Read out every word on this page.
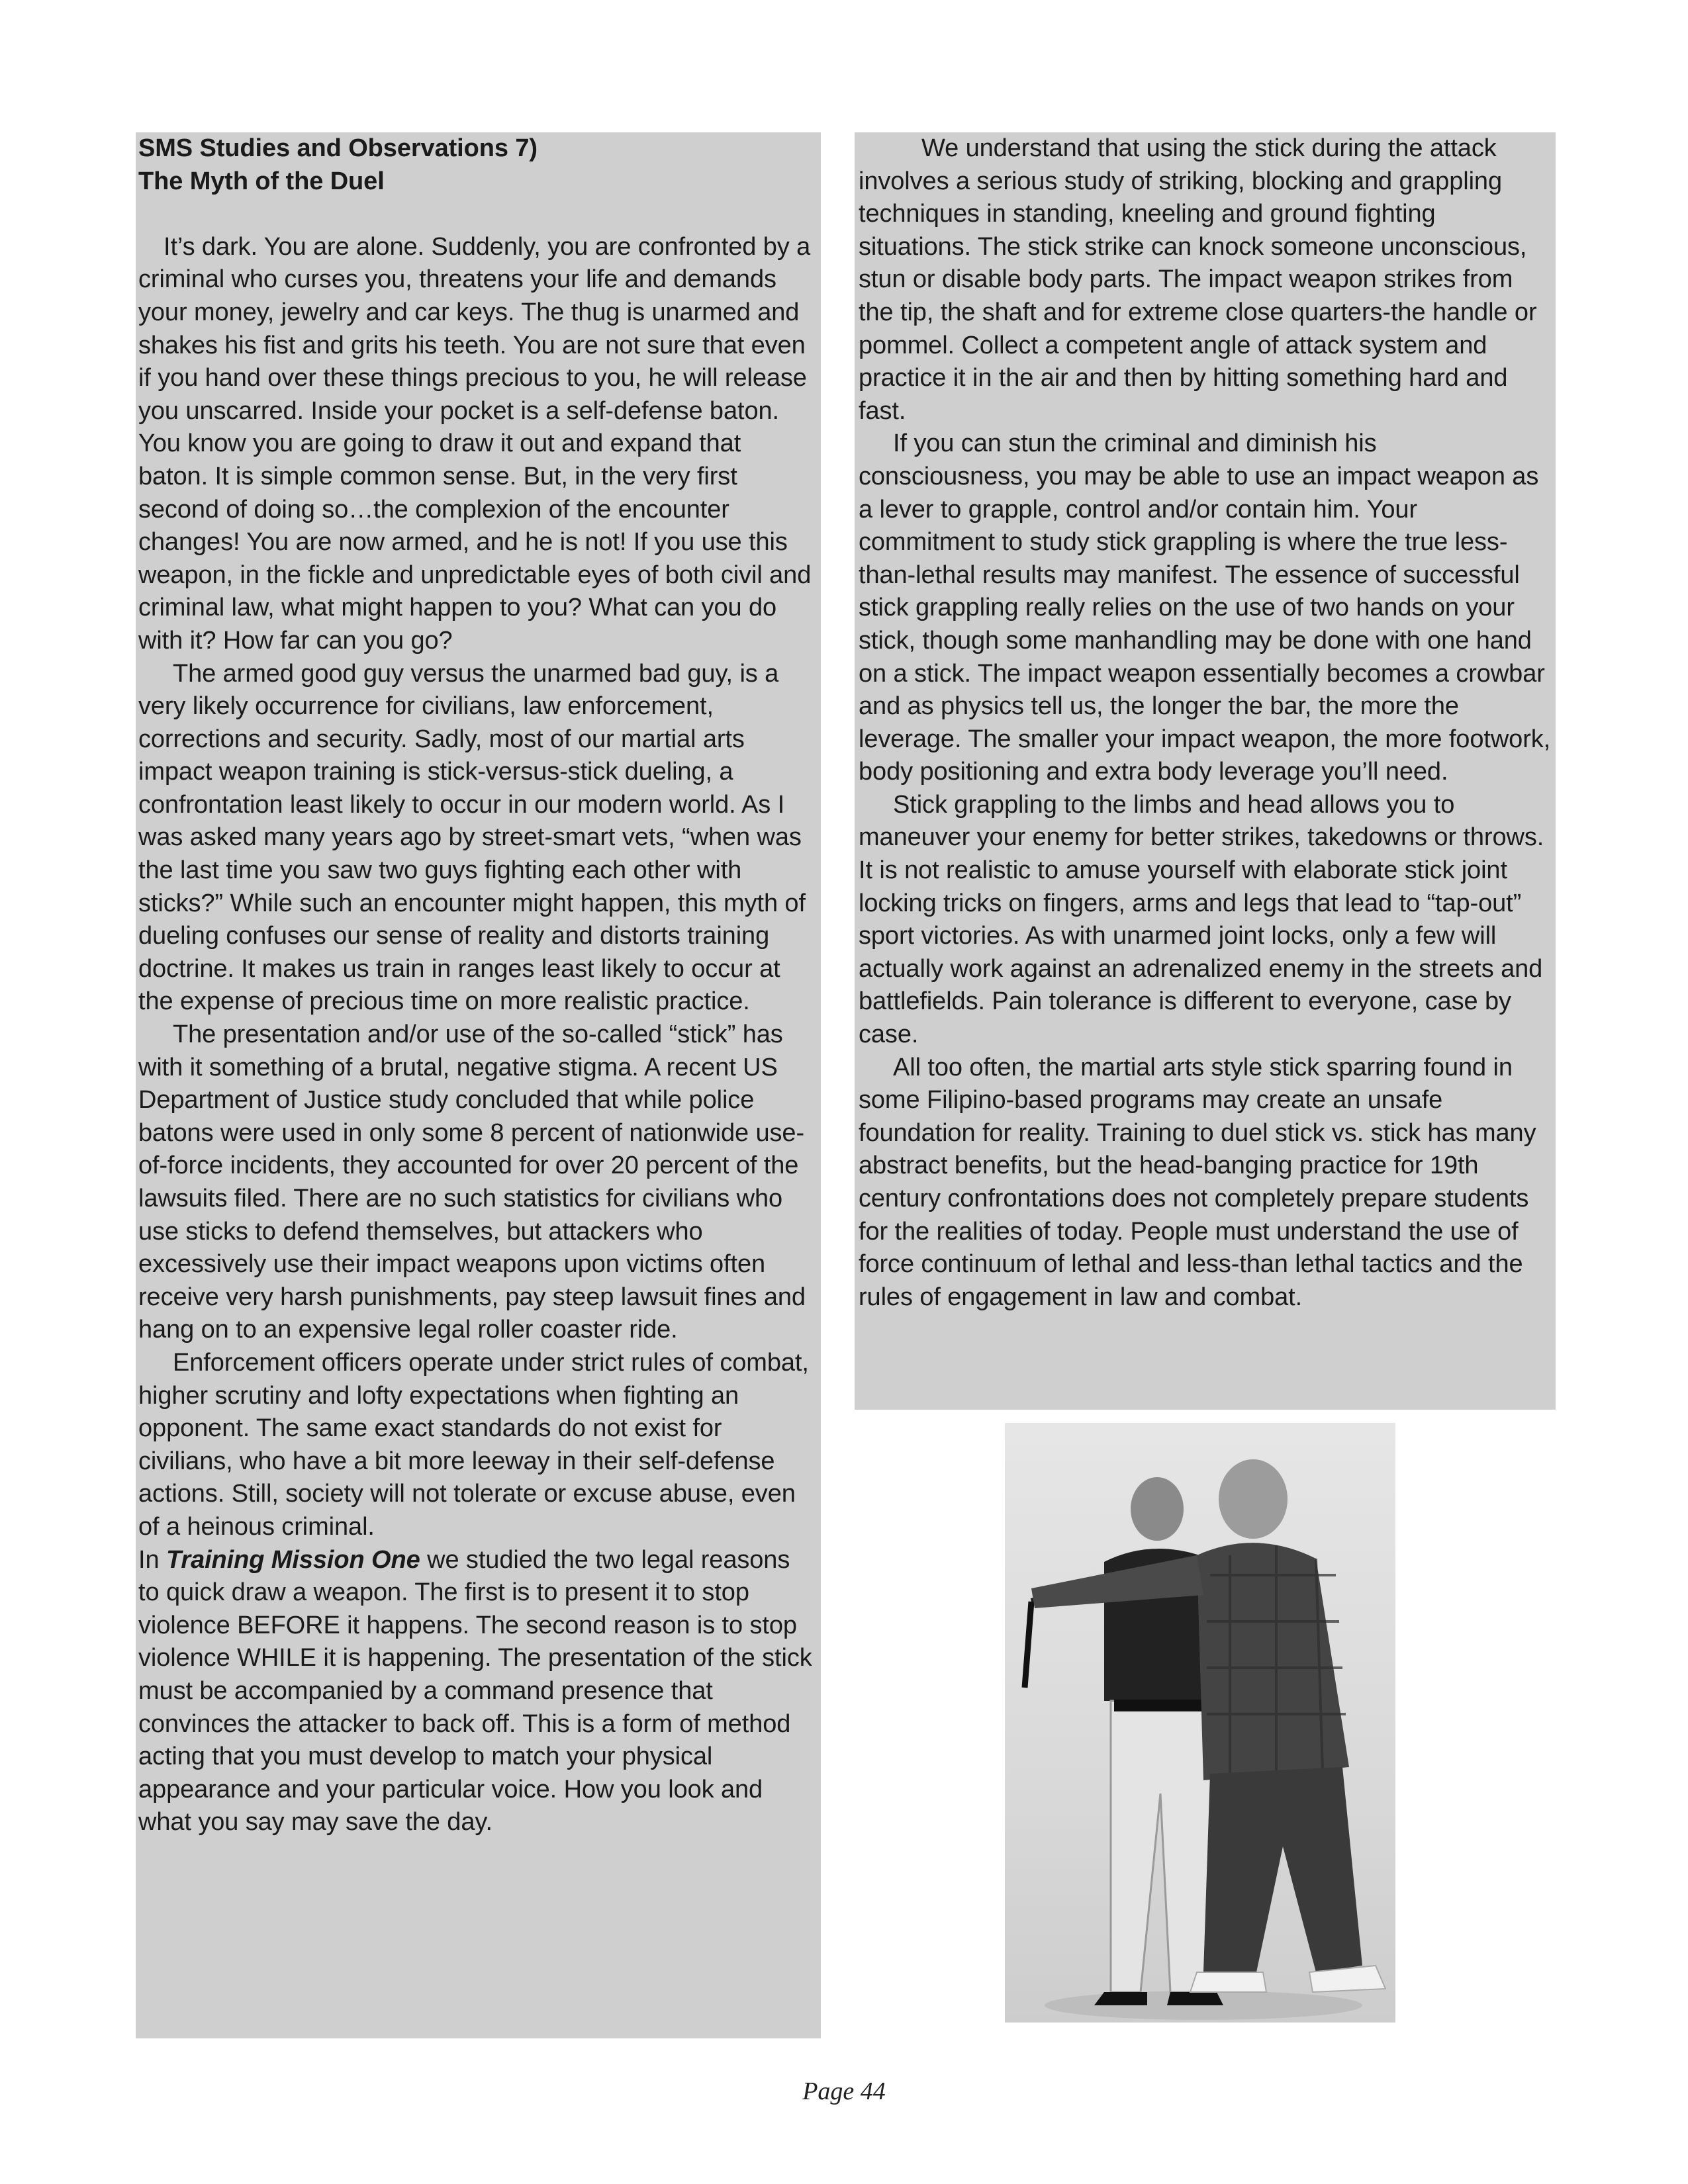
SMS Studies and Observations 7)

The Myth of the Duel

It’s dark. You are alone. Suddenly, you are confronted by a criminal who curses you, threatens your life and demands your money, jewelry and car keys. The thug is unarmed and shakes his fist and grits his teeth. You are not sure that even if you hand over these things precious to you, he will release you unscarred. Inside your pocket is a self-defense baton. You know you are going to draw it out and expand that baton. It is simple common sense. But, in the very first second of doing so…the complexion of the encounter changes! You are now armed, and he is not! If you use this weapon, in the fickle and unpredictable eyes of both civil and criminal law, what might happen to you? What can you do with it? How far can you go?

The armed good guy versus the unarmed bad guy, is a very likely occurrence for civilians, law enforcement, corrections and security. Sadly, most of our martial arts impact weapon training is stick-versus-stick dueling, a confrontation least likely to occur in our modern world. As I was asked many years ago by street-smart vets, “when was the last time you saw two guys fighting each other with sticks?” While such an encounter might happen, this myth of dueling confuses our sense of reality and distorts training doctrine. It makes us train in ranges least likely to occur at the expense of precious time on more realistic practice.

The presentation and/or use of the so-called “stick” has with it something of a brutal, negative stigma. A recent US Department of Justice study concluded that while police batons were used in only some 8 percent of nationwide use-of-force incidents, they accounted for over 20 percent of the lawsuits filed. There are no such statistics for civilians who use sticks to defend themselves, but attackers who excessively use their impact weapons upon victims often receive very harsh punishments, pay steep lawsuit fines and hang on to an expensive legal roller coaster ride.

Enforcement officers operate under strict rules of combat, higher scrutiny and lofty expectations when fighting an opponent. The same exact standards do not exist for civilians, who have a bit more leeway in their self-defense actions. Still, society will not tolerate or excuse abuse, even of a heinous criminal.

In Training Mission One we studied the two legal reasons to quick draw a weapon. The first is to present it to stop violence BEFORE it happens. The second reason is to stop violence WHILE it is happening. The presentation of the stick must be accompanied by a command presence that convinces the attacker to back off. This is a form of method acting that you must develop to match your physical appearance and your particular voice. How you look and what you say may save the day.

We understand that using the stick during the attack involves a serious study of striking, blocking and grappling techniques in standing, kneeling and ground fighting situations. The stick strike can knock someone unconscious, stun or disable body parts. The impact weapon strikes from the tip, the shaft and for extreme close quarters-the handle or pommel. Collect a competent angle of attack system and practice it in the air and then by hitting something hard and fast.

If you can stun the criminal and diminish his consciousness, you may be able to use an impact weapon as a lever to grapple, control and/or contain him. Your commitment to study stick grappling is where the true less-than-lethal results may manifest. The essence of successful stick grappling really relies on the use of two hands on your stick, though some manhandling may be done with one hand on a stick. The impact weapon essentially becomes a crowbar and as physics tell us, the longer the bar, the more the leverage. The smaller your impact weapon, the more footwork, body positioning and extra body leverage you’ll need.

Stick grappling to the limbs and head allows you to maneuver your enemy for better strikes, takedowns or throws. It is not realistic to amuse yourself with elaborate stick joint locking tricks on fingers, arms and legs that lead to “tap-out” sport victories. As with unarmed joint locks, only a few will actually work against an adrenalized enemy in the streets and battlefields. Pain tolerance is different to everyone, case by case.

All too often, the martial arts style stick sparring found in some Filipino-based programs may create an unsafe foundation for reality. Training to duel stick vs. stick has many abstract benefits, but the head-banging practice for 19th century confrontations does not completely prepare students for the realities of today. People must understand the use of force continuum of lethal and less-than lethal tactics and the rules of engagement in law and combat.

Page 44
